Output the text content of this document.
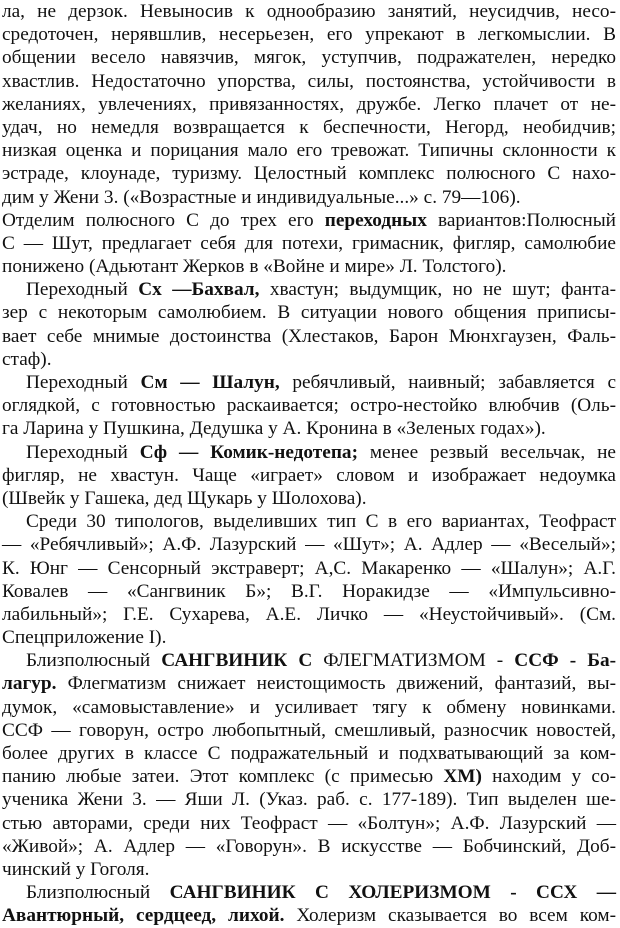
ла, не дерзок. Невыносив к однообразию занятий, неусидчив, несо-
средоточен, нерявшлив, несерьезен, его упрекают в легкомыслии. В
общении весело навязчив, мягок, уступчив, подражателен, нередко
хвастлив. Недостаточно упорства, силы, постоянства, устойчивости в
желаниях, увлечениях, привязанностях, дружбе. Легко плачет от не-
удач, но немедля возвращается к беспечности, Негорд, необидчив;
низкая оценка и порицания мало его тревожат. Типичны склонности к
эстраде, клоунаде, туризму. Целостный комплекс полюсного С нахо-
дим у Жени 3. («Возрастные и индивидуальные...» с. 79—106).
Отделим полюсного С до трех его переходных вариантов:Полюсный
С — Шут, предлагает себя для потехи, гримасник, фигляр, самолюбие
понижено (Адьютант Жерков в «Войне и мире» Л. Толстого).
Переходный Сх —Бахвал, хвастун; выдумщик, но не шут; фанта-
зер с некоторым самолюбием. В ситуации нового общения приписы-
вает себе мнимые достоинства (Хлестаков, Барон Мюнхгаузен, Фаль-
стаф).
Переходный См — Шалун, ребячливый, наивный; забавляется с
оглядкой, с готовностью раскаивается; остро-нестойко влюбчив (Оль-
га Ларина у Пушкина, Дедушка у А. Кронина в «Зеленых годах»).
Переходный Сф — Комик-недотепа; менее резвый весельчак, не
фигляр, не хвастун. Чаще «играет» словом и изображает недоумка
(Швейк у Гашека, дед Щукарь у Шолохова).
Среди 30 типологов, выделивших тип С в его вариантах, Теофраст
— «Ребячливый»; А.Ф. Лазурский — «Шут»; А. Адлер — «Веселый»;
К. Юнг — Сенсорный экстраверт; А,С. Макаренко — «Шалун»; А.Г.
Ковалев — «Сангвиник Б»; В.Г. Норакидзе — «Импульсивно-
лабильный»; Г.Е. Сухарева, А.Е. Личко — «Неустойчивый». (См.
Спецприложение I).
Близполюсный САНГВИНИК С ФЛЕГМАТИЗМОМ - ССФ - Ба-
лагур. Флегматизм снижает неистощимость движений, фантазий, вы-
думок, «самовыставление» и усиливает тягу к обмену новинками.
ССФ — говорун, остро любопытный, смешливый, разносчик новостей,
более других в классе С подражательный и подхватывающий за ком-
панию любые затеи. Этот комплекс (с примесью ХМ) находим у со-
ученика Жени 3. — Яши Л. (Указ. раб. с. 177-189). Тип выделен ше-
стью авторами, среди них Теофраст — «Болтун»; А.Ф. Лазурский —
«Живой»; А. Адлер — «Говорун». В искусстве — Бобчинский, Доб-
чинский у Гоголя.
Близполюсный САНГВИНИК С ХОЛЕРИЗМОМ - ССХ —
Авантюрный, сердцеед, лихой. Холеризм сказывается во всем ком-
